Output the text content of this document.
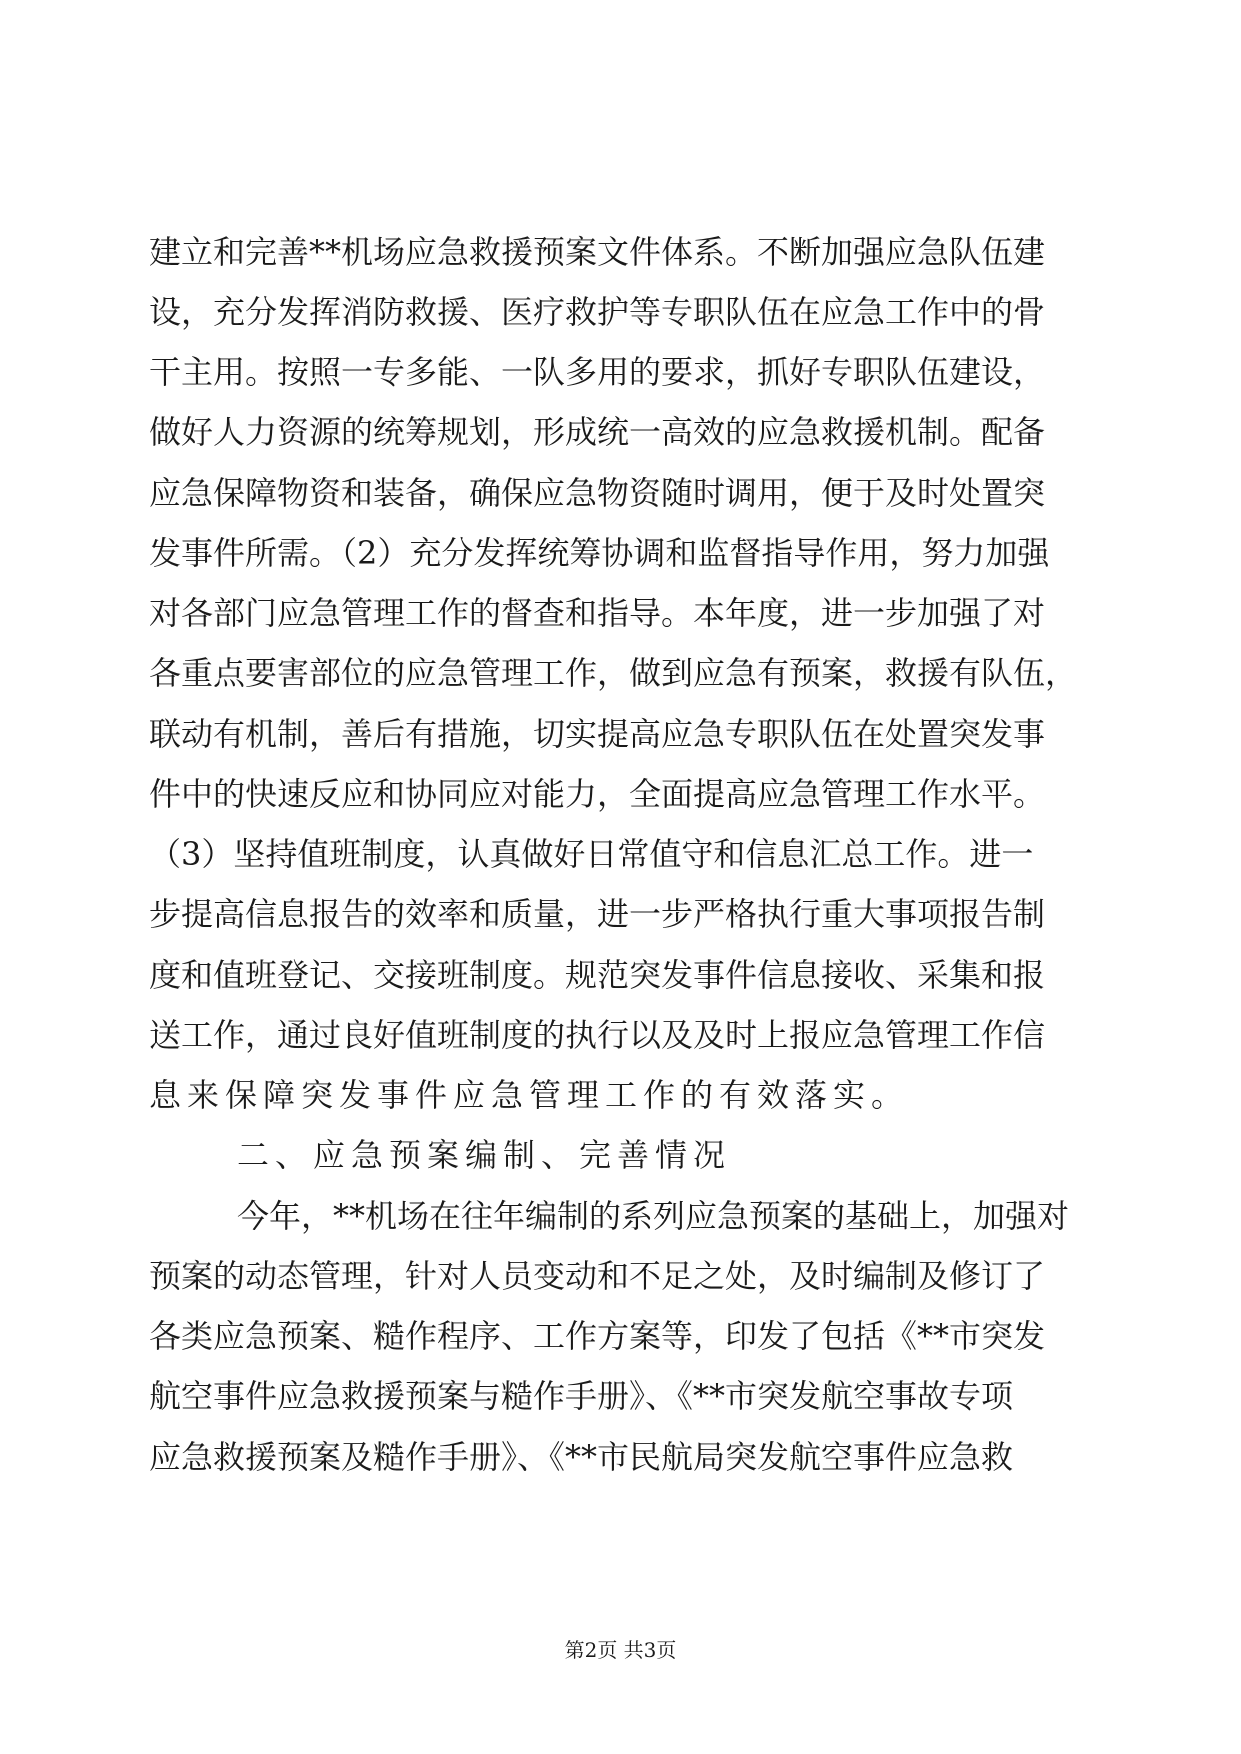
建立和完善**机场应急救援预案文件体系。不断加强应急队伍建
设，充分发挥消防救援、医疗救护等专职队伍在应急工作中的骨
干主用。按照一专多能、一队多用的要求，抓好专职队伍建设，
做好人力资源的统筹规划，形成统一高效的应急救援机制。配备
应急保障物资和装备，确保应急物资随时调用，便于及时处置突
发事件所需。（2）充分发挥统筹协调和监督指导作用，努力加强
对各部门应急管理工作的督查和指导。本年度，进一步加强了对
各重点要害部位的应急管理工作，做到应急有预案，救援有队伍，
联动有机制，善后有措施，切实提高应急专职队伍在处置突发事
件中的快速反应和协同应对能力，全面提高应急管理工作水平。
（3）坚持值班制度，认真做好日常值守和信息汇总工作。进一
步提高信息报告的效率和质量，进一步严格执行重大事项报告制
度和值班登记、交接班制度。规范突发事件信息接收、采集和报
送工作，通过良好值班制度的执行以及及时上报应急管理工作信
息来保障突发事件应急管理工作的有效落实。
二、应急预案编制、完善情况
今年，**机场在往年编制的系列应急预案的基础上，加强对
预案的动态管理，针对人员变动和不足之处，及时编制及修订了
各类应急预案、糙作程序、工作方案等，印发了包括《**市突发
航空事件应急救援预案与糙作手册》、《**市突发航空事故专项
应急救援预案及糙作手册》、《**市民航局突发航空事件应急救
第2页 共3页
